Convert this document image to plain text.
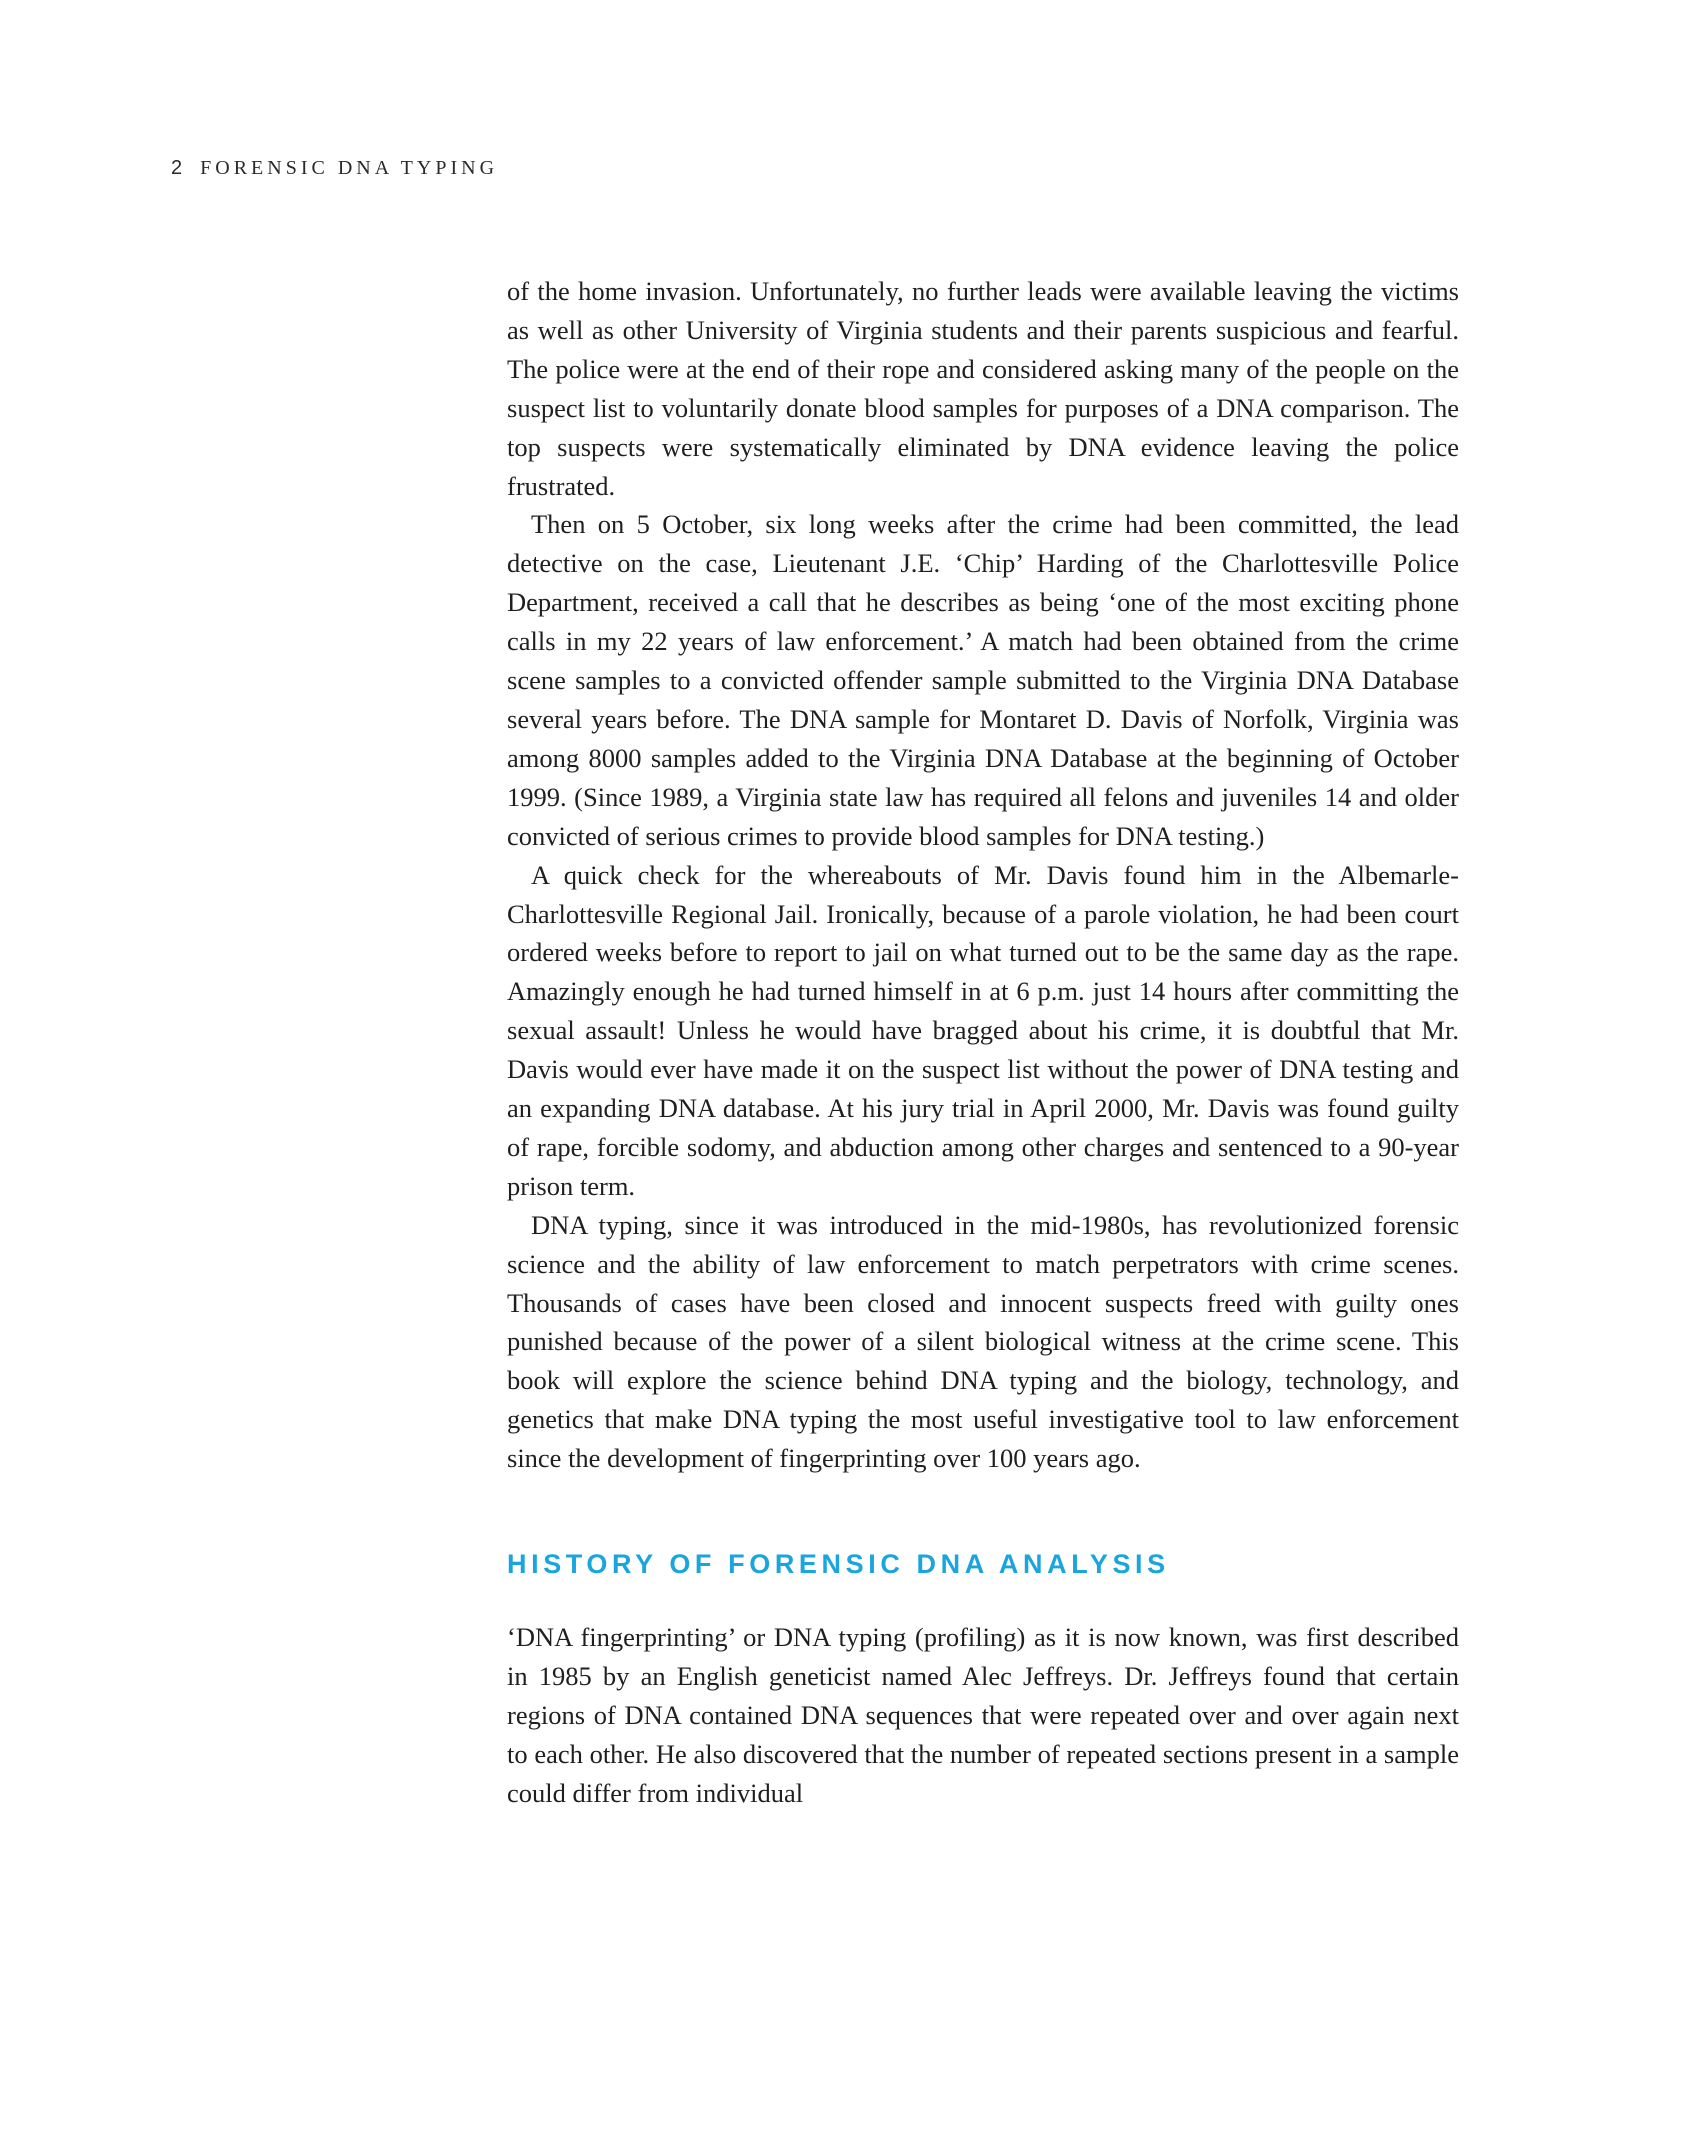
2 FORENSIC DNA TYPING

of the home invasion. Unfortunately, no further leads were available leaving the victims as well as other University of Virginia students and their parents suspicious and fearful. The police were at the end of their rope and considered asking many of the people on the suspect list to voluntarily donate blood samples for purposes of a DNA comparison. The top suspects were systematically eliminated by DNA evidence leaving the police frustrated.

Then on 5 October, six long weeks after the crime had been committed, the lead detective on the case, Lieutenant J.E. ‘Chip’ Harding of the Charlottesville Police Department, received a call that he describes as being ‘one of the most exciting phone calls in my 22 years of law enforcement.’ A match had been obtained from the crime scene samples to a convicted offender sample submitted to the Virginia DNA Database several years before. The DNA sample for Montaret D. Davis of Norfolk, Virginia was among 8000 samples added to the Virginia DNA Database at the beginning of October 1999. (Since 1989, a Virginia state law has required all felons and juveniles 14 and older convicted of serious crimes to provide blood samples for DNA testing.)

A quick check for the whereabouts of Mr. Davis found him in the Albemarle-Charlottesville Regional Jail. Ironically, because of a parole violation, he had been court ordered weeks before to report to jail on what turned out to be the same day as the rape. Amazingly enough he had turned himself in at 6 p.m. just 14 hours after committing the sexual assault! Unless he would have bragged about his crime, it is doubtful that Mr. Davis would ever have made it on the suspect list without the power of DNA testing and an expanding DNA database. At his jury trial in April 2000, Mr. Davis was found guilty of rape, forcible sodomy, and abduction among other charges and sentenced to a 90-year prison term.

DNA typing, since it was introduced in the mid-1980s, has revolutionized forensic science and the ability of law enforcement to match perpetrators with crime scenes. Thousands of cases have been closed and innocent suspects freed with guilty ones punished because of the power of a silent biological witness at the crime scene. This book will explore the science behind DNA typing and the biology, technology, and genetics that make DNA typing the most useful investigative tool to law enforcement since the development of fingerprinting over 100 years ago.

HISTORY OF FORENSIC DNA ANALYSIS

‘DNA fingerprinting’ or DNA typing (profiling) as it is now known, was first described in 1985 by an English geneticist named Alec Jeffreys. Dr. Jeffreys found that certain regions of DNA contained DNA sequences that were repeated over and over again next to each other. He also discovered that the number of repeated sections present in a sample could differ from individual
